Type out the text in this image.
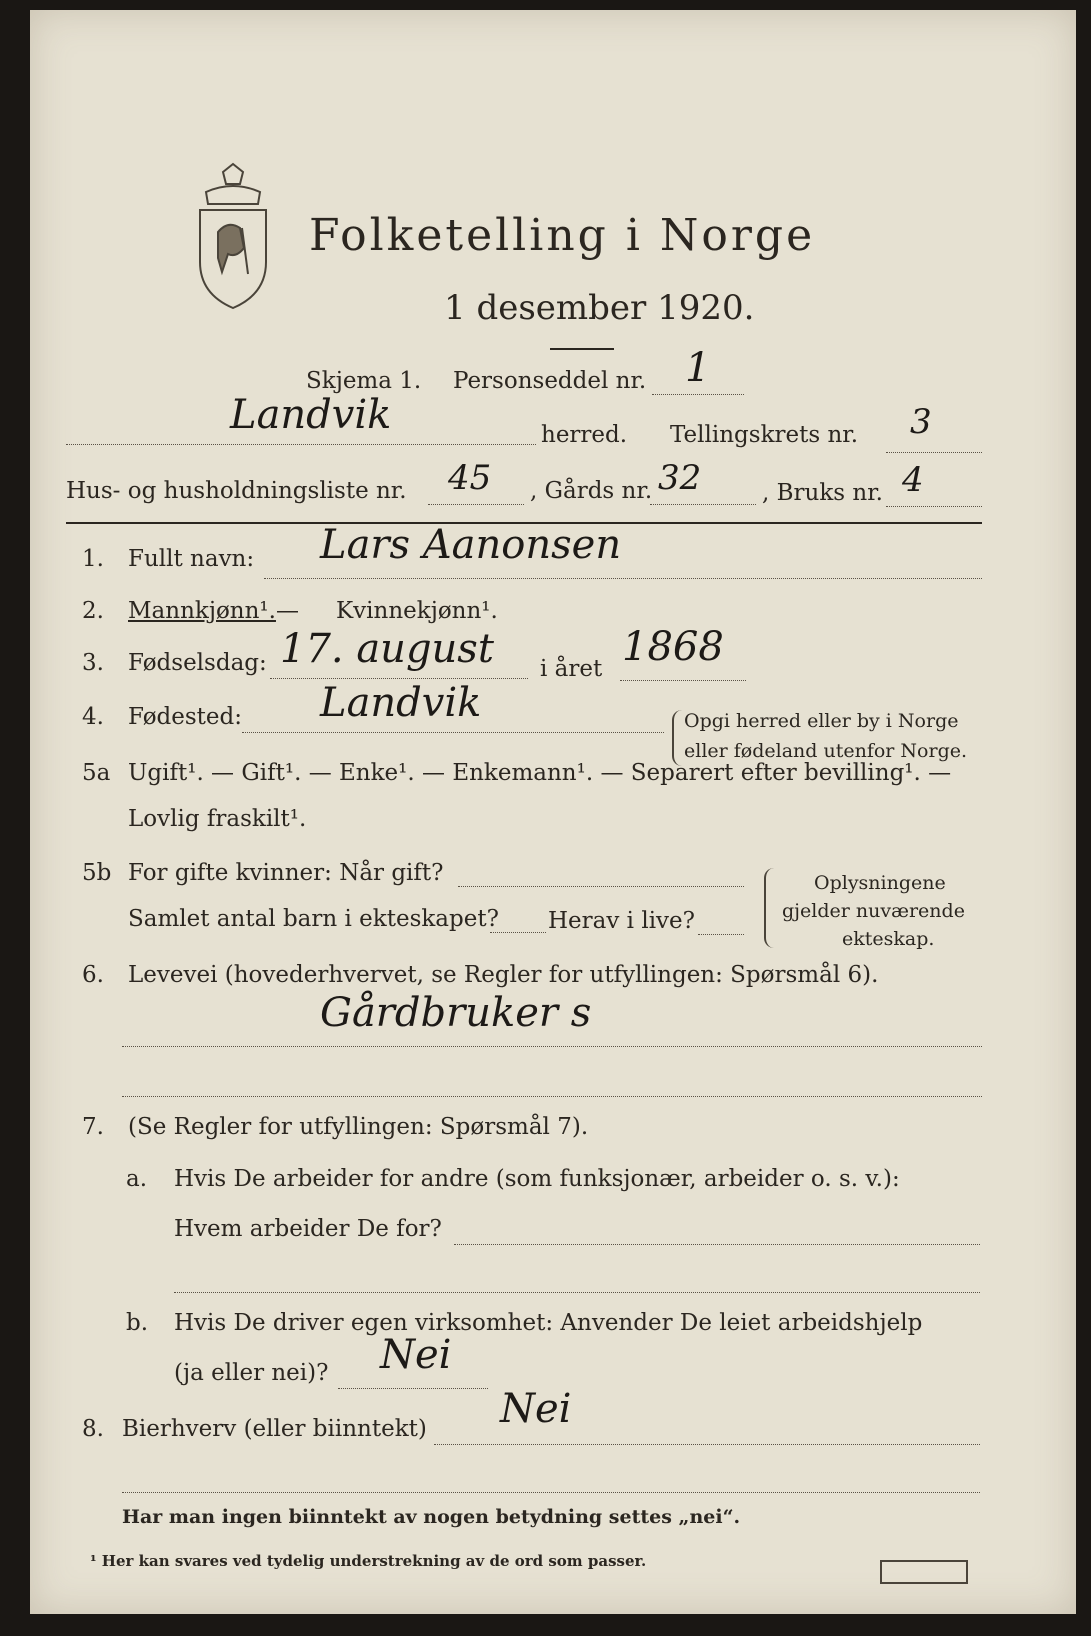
Folketelling i Norge
1 desember 1920.
Skjema 1. Personseddel nr. 1
Landvik	herred. Tellingskrets nr. 3
Hus- og husholdningsliste nr. 45 , Gårds nr. 32	, Bruks nr. 4
1. Fullt navn: Lars Aanonsen
2. Mannkjønn¹. — Kvinnekjønn¹.
3. Fødselsdag: 17. august i året 1868
4. Fødested: Landvik	Opgi herred eller by i Norge
eller fødeland utenfor Norge.
5a Ugift¹. — Gift¹. — Enke¹. — Enkemann¹. — Separert efter bevilling¹. —
Lovlig fraskilt¹.
5b For gifte kvinner: Når gift?
Samlet antal barn i ekteskapet? Herav i live?
Oplysningene
gjelder nuværende
ekteskap.
6. Levevei (hovederhvervet, se Regler for utfyllingen: Spørsmål 6).
Gårdbruker s
7. (Se Regler for utfyllingen: Spørsmål 7).
a. Hvis De arbeider for andre (som funksjonær, arbeider o. s. v.):
Hvem arbeider De for?
b. Hvis De driver egen virksomhet: Anvender De leiet arbeidshjelp
(ja eller nei)? Nei
8. Bierhverv (eller biinntekt) Nei
Har man ingen biinntekt av nogen betydning settes „nei“.
¹ Her kan svares ved tydelig understrekning av de ord som passer.
